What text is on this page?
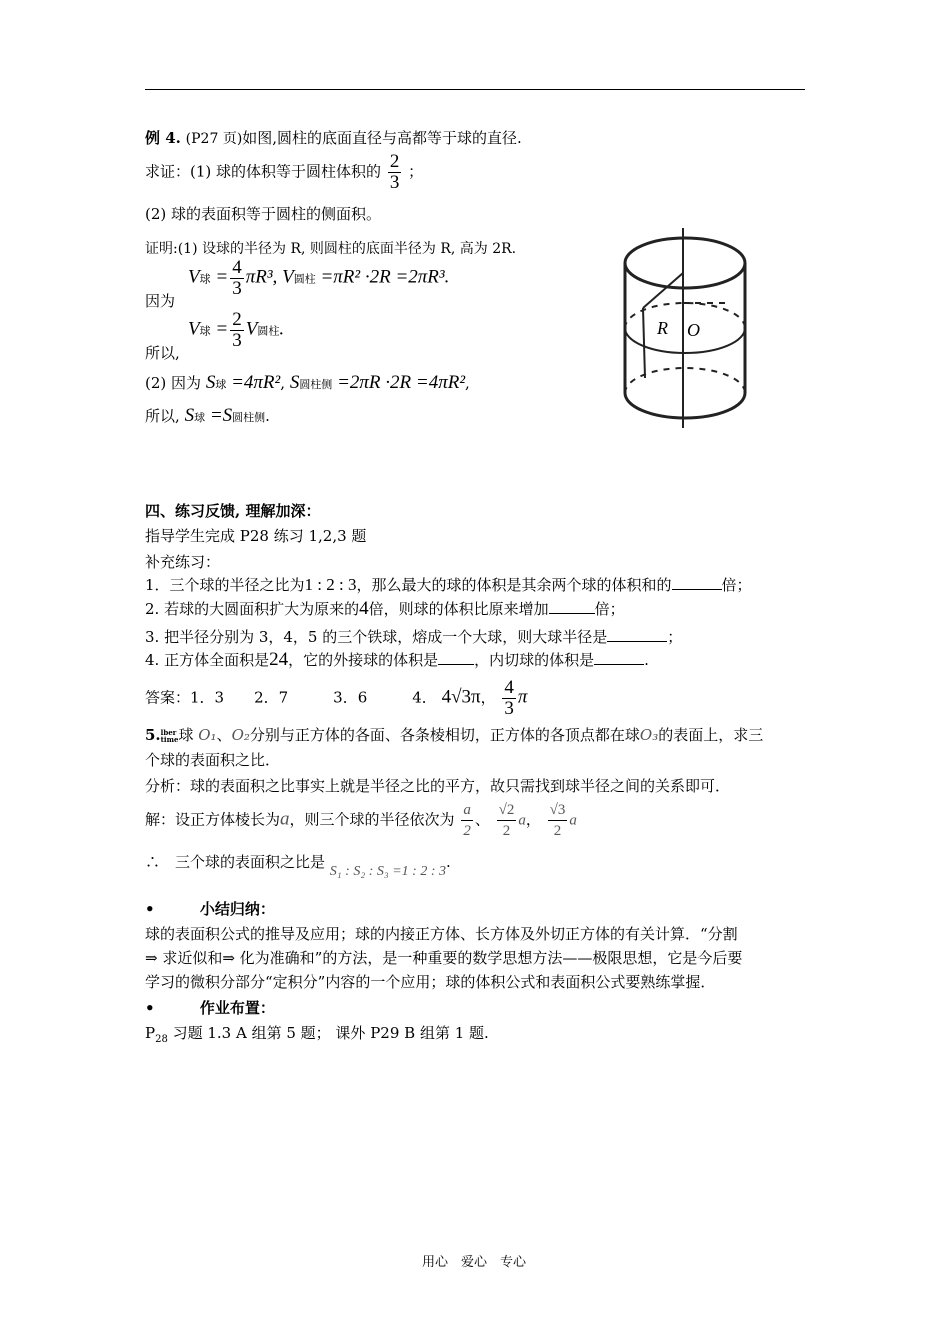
例 4. (P27 页)如图,圆柱的底面直径与高都等于球的直径.
求证：(1) 球的体积等于圆柱体积的 $\frac{2}{3}$ ；
(2) 球的表面积等于圆柱的侧面积。
证明:(1) 设球的半径为 R, 则圆柱的底面半径为 R, 高为 2R.
因为
V球 = $\frac{4}{3} \pi R^3$, V圆柱 =πR² ·2R =2πR³.
所以,
V球 = $\frac{2}{3}$ V圆柱.
(2) 因为 S球 =4πR², S圆柱侧 =2πR ·2R =4πR²,
所以, S球 =S圆柱侧.
R O
四、练习反馈, 理解加深：
指导学生完成 P28 练习 1,2,3 题
补充练习：
1．三个球的半径之比为1 : 2 : 3，那么最大的球的体积是其余两个球的体积和的	倍；
2. 若球的大圆面积扩大为原来的4倍，则球的体积比原来增加	倍；
3. 把半径分别为 3，4，5 的三个铁球，熔成一个大球，则大球半径是	；
4. 正方体全面积是24，它的外接球的体积是 ，内切球的体积是	.
答案：1．3　　2．7　　　3．6　　　4． 4√3π， $\frac{4}{3}$ π
5. lber
time 球 O₁、O₂分别与正方体的各面、各条棱相切，正方体的各顶点都在球O₃的表面上，求三
个球的表面积之比．
分析：球的表面积之比事实上就是半径之比的平方，故只需找到球半径之间的关系即可．
解：设正方体棱长为a，则三个球的半径依次为 $\frac{a}{2}$ 、 $\frac{√2}{2}$ a， $\frac{√3}{2}$ a
∴　三个球的表面积之比是 S₁ : S₂ : S₃ =1 : 2 : 3.
•	小结归纳：
球的表面积公式的推导及应用；球的内接正方体、长方体及外切正方体的有关计算．“分割
⇒ 求近似和⇒ 化为准确和”的方法，是一种重要的数学思想方法——极限思想，它是今后要
学习的微积分部分“定积分”内容的一个应用；球的体积公式和表面积公式要熟练掌握．
•	作业布置：
$P_{28}$ 习题 1.3 A 组第 5 题； 课外 P29 B 组第 1 题.
用心　爱心　专心
